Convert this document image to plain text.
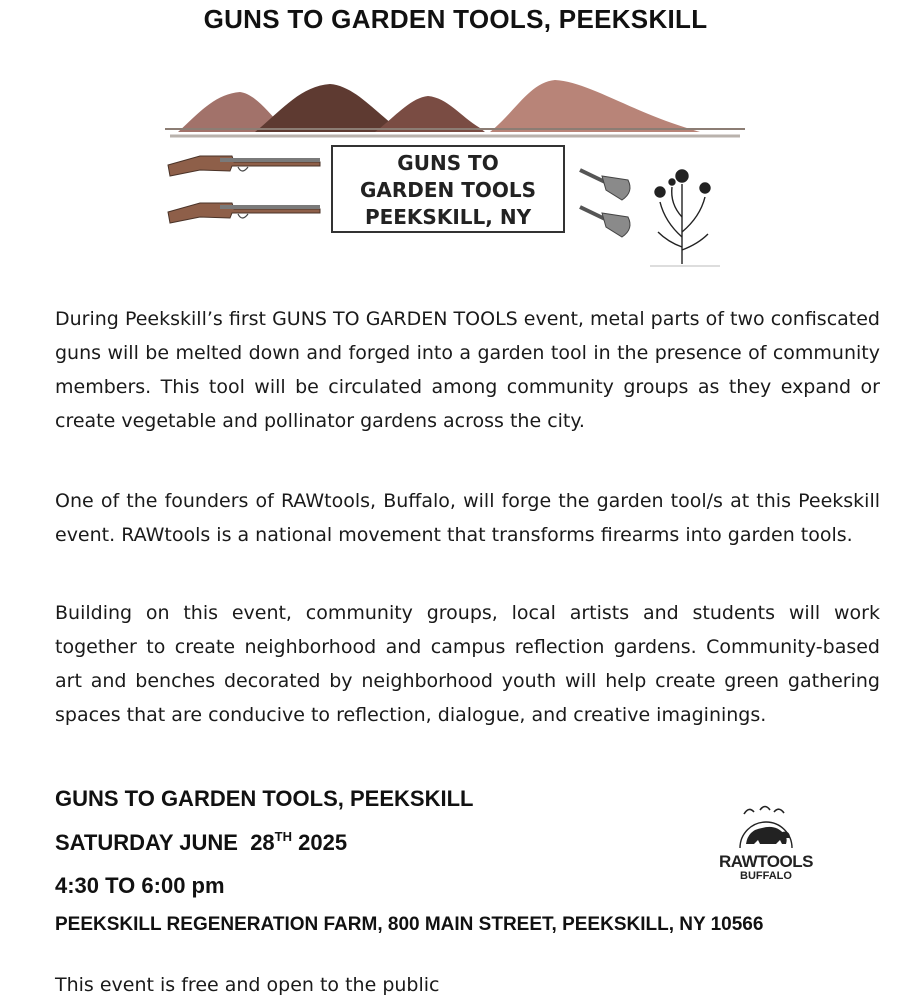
GUNS TO GARDEN TOOLS, PEEKSKILL
GUNS TO
GARDEN TOOLS
PEEKSKILL, NY

During Peekskill’s first GUNS TO GARDEN TOOLS event, metal parts of two confiscated guns will be melted down and forged into a garden tool in the presence of community members. This tool will be circulated among community groups as they expand or create vegetable and pollinator gardens across the city.

One of the founders of RAWtools, Buffalo, will forge the garden tool/s at this Peekskill event. RAWtools is a national movement that transforms firearms into garden tools.

Building on this event, community groups, local artists and students will work together to create neighborhood and campus reflection gardens. Community-based art and benches decorated by neighborhood youth will help create green gathering spaces that are conducive to reflection, dialogue, and creative imaginings.

GUNS TO GARDEN TOOLS, PEEKSKILL

SATURDAY JUNE  28TH 2025

4:30 TO 6:00 pm

PEEKSKILL REGENERATION FARM, 800 MAIN STREET, PEEKSKILL, NY 10566

This event is free and open to the public

RAWTOOLS
BUFFALO
